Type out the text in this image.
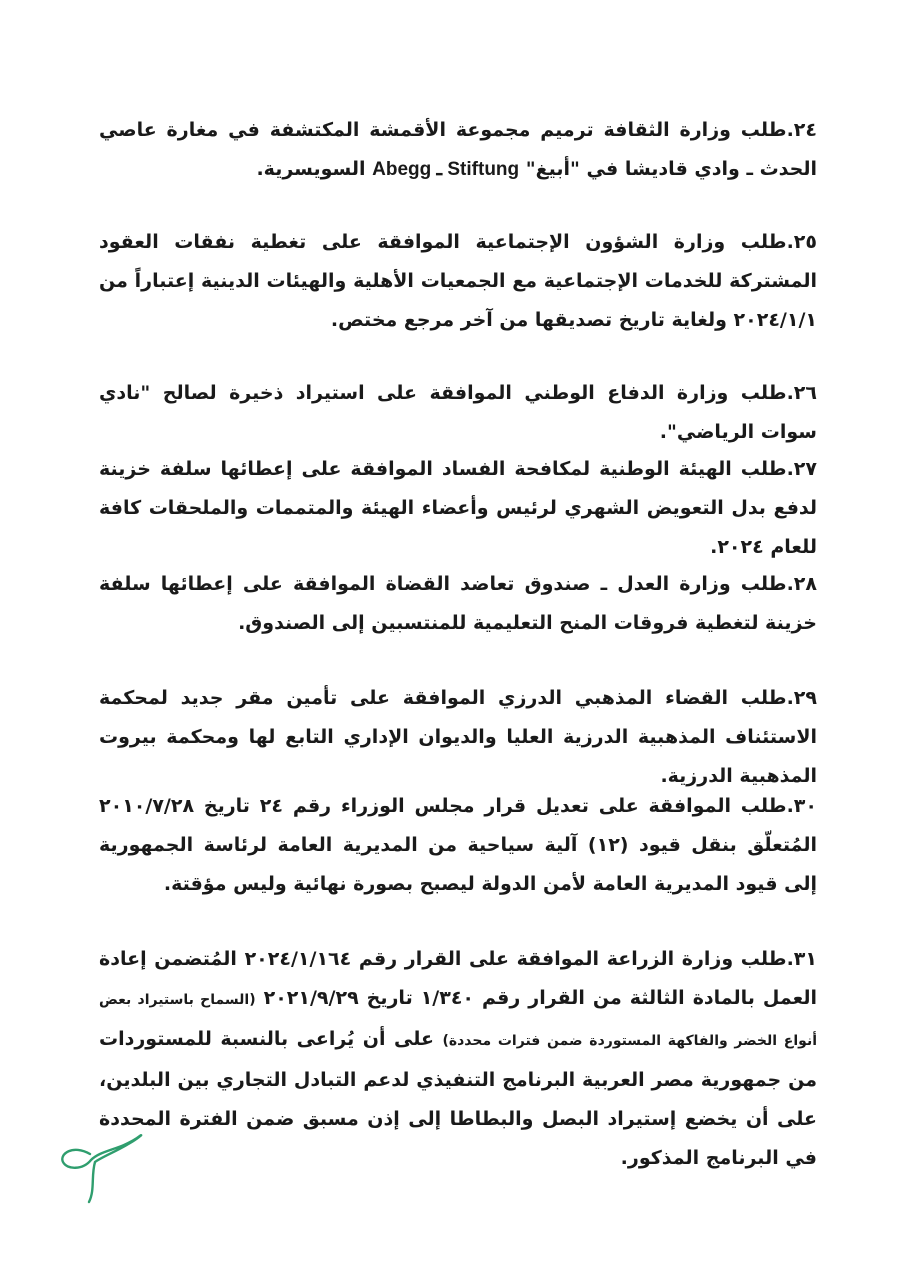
٢٤.طلب وزارة الثقافة ترميم مجموعة الأقمشة المكتشفة في مغارة عاصي الحدث ـ وادي قاديشا في "أبيغ" Abegg ـ Stiftung السويسرية.

٢٥.طلب وزارة الشؤون الإجتماعية الموافقة على تغطية نفقات العقود المشتركة للخدمات الإجتماعية مع الجمعيات الأهلية والهيئات الدينية إعتباراً من ٢٠٢٤/١/١ ولغاية تاريخ تصديقها من آخر مرجع مختص.

٢٦.طلب وزارة الدفاع الوطني الموافقة على استيراد ذخيرة لصالح "نادي سوات الرياضي".

٢٧.طلب الهيئة الوطنية لمكافحة الفساد الموافقة على إعطائها سلفة خزينة لدفع بدل التعويض الشهري لرئيس وأعضاء الهيئة والمتممات والملحقات كافة للعام ٢٠٢٤.

٢٨.طلب وزارة العدل ـ صندوق تعاضد القضاة الموافقة على إعطائها سلفة خزينة لتغطية فروقات المنح التعليمية للمنتسبين إلى الصندوق.

٢٩.طلب القضاء المذهبي الدرزي الموافقة على تأمين مقر جديد لمحكمة الاستئناف المذهبية الدرزية العليا والديوان الإداري التابع لها ومحكمة بيروت المذهبية الدرزية.

٣٠.طلب الموافقة على تعديل قرار مجلس الوزراء رقم ٢٤ تاريخ ٢٠١٠/٧/٢٨ المُتعلّق بنقل قيود (١٢) آلية سياحية من المديرية العامة لرئاسة الجمهورية إلى قيود المديرية العامة لأمن الدولة ليصبح بصورة نهائية وليس مؤقتة.

٣١.طلب وزارة الزراعة الموافقة على القرار رقم ٢٠٢٤/١/١٦٤ المُتضمن إعادة العمل بالمادة الثالثة من القرار رقم ١/٣٤٠ تاريخ ٢٠٢١/٩/٢٩ (السماح باستيراد بعض أنواع الخضر والفاكهة المستوردة ضمن فترات محددة) على أن يُراعى بالنسبة للمستوردات من جمهورية مصر العربية البرنامج التنفيذي لدعم التبادل التجاري بين البلدين، على أن يخضع إستيراد البصل والبطاطا إلى إذن مسبق ضمن الفترة المحددة في البرنامج المذكور.
